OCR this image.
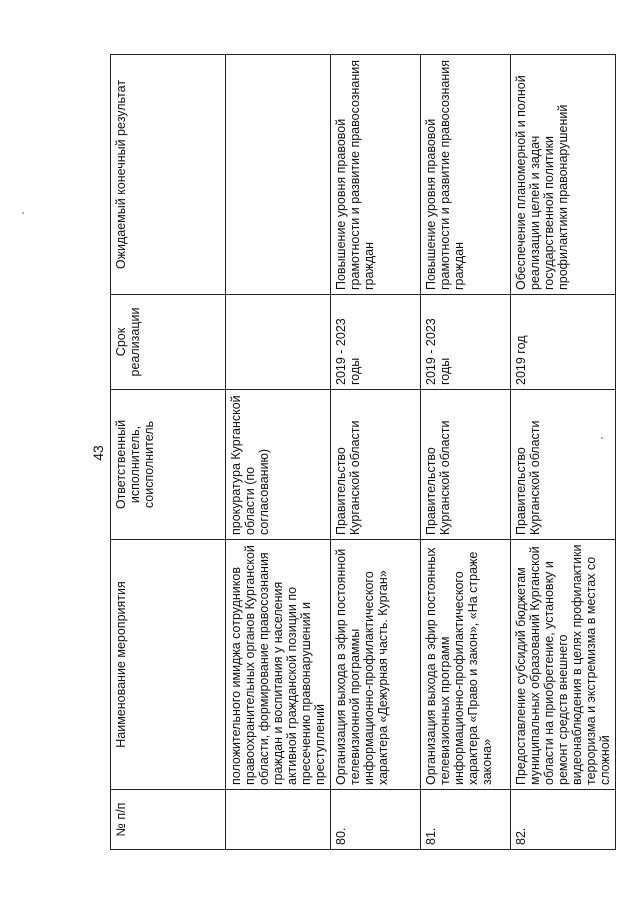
43
№ п/п	Наименование мероприятия	Ответственный исполнитель, соисполнитель	Срок реализации	Ожидаемый конечный результат
	положительного имиджа сотрудников правоохранительных органов Курганской области, формирование правосознания граждан и воспитания у населения активной гражданской позиции по пресечению правонарушений и преступлений	прокуратура Курганской области (по согласованию)		
80.	Организация выхода в эфир постоянной телевизионной программы информационно-профилактического характера «Дежурная часть. Курган»	Правительство Курганской области	2019 - 2023 годы	Повышение уровня правовой грамотности и развитие правосознания граждан
81.	Организация выхода в эфир постоянных телевизионных программ информационно-профилактического характера «Право и закон», «На страже закона»	Правительство Курганской области	2019 - 2023 годы	Повышение уровня правовой грамотности и развитие правосознания граждан
82.	Предоставление субсидий бюджетам муниципальных образований Курганской области на приобретение, установку и ремонт средств внешнего видеонаблюдения в целях профилактики терроризма и экстремизма в местах со сложной	Правительство Курганской области	2019 год	Обеспечение планомерной и полной реализации целей и задач государственной политики профилактики правонарушений
